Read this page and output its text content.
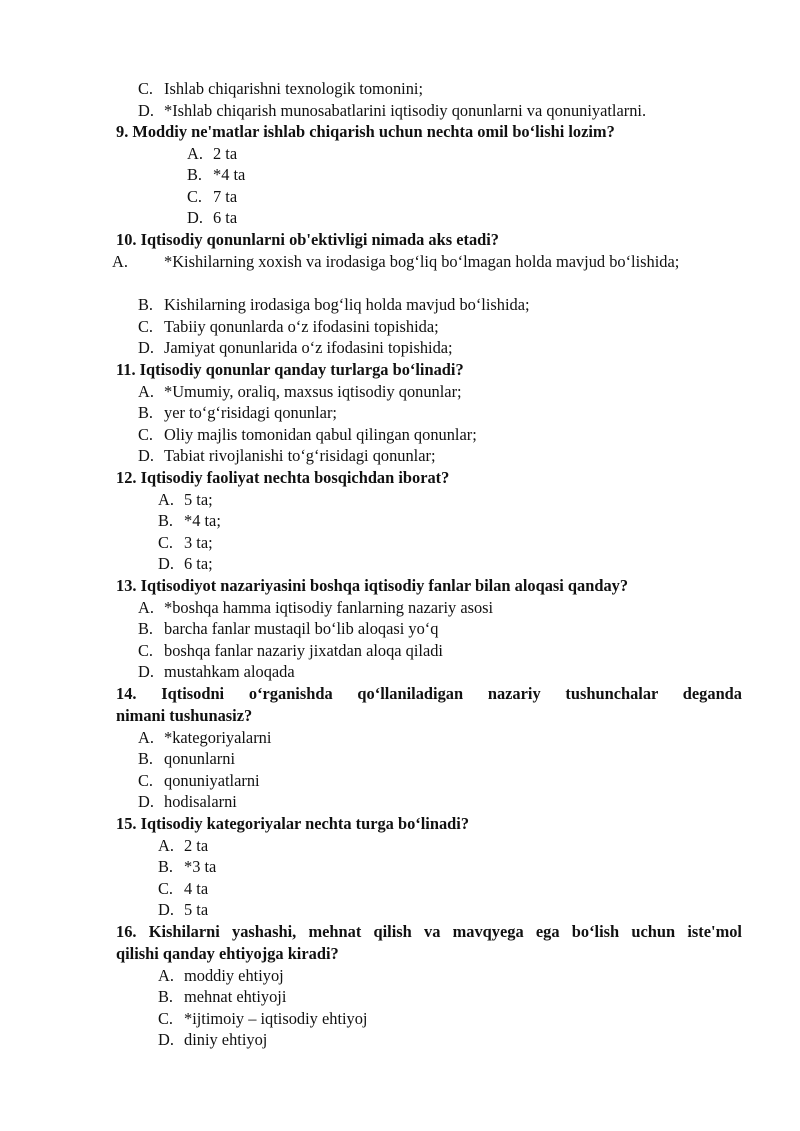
C. Ishlab chiqarishni texnologik tomonini;
D. *Ishlab chiqarish munosabatlarini iqtisodiy qonunlarni va qonuniyatlarni.
9. Moddiy ne'matlar ishlab chiqarish uchun nechta omil bo‘lishi lozim?
A. 2 ta
B. *4 ta
C. 7 ta
D. 6 ta
10. Iqtisodiy qonunlarni ob'ektivligi nimada aks etadi?
A. *Kishilarning xoxish va irodasiga bog‘liq bo‘lmagan holda mavjud bo‘lishida;
B. Kishilarning irodasiga bog‘liq holda mavjud bo‘lishida;
C. Tabiiy qonunlarda o‘z ifodasini topishida;
D. Jamiyat qonunlarida o‘z ifodasini topishida;
11. Iqtisodiy qonunlar qanday turlarga bo‘linadi?
A. *Umumiy, oraliq, maxsus iqtisodiy qonunlar;
B. yer to‘g‘risidagi qonunlar;
C. Oliy majlis tomonidan qabul qilingan qonunlar;
D. Tabiat rivojlanishi to‘g‘risidagi qonunlar;
12. Iqtisodiy faoliyat nechta bosqichdan iborat?
A. 5 ta;
B. *4 ta;
C. 3 ta;
D. 6 ta;
13. Iqtisodiyot nazariyasini boshqa iqtisodiy fanlar bilan aloqasi qanday?
A. *boshqa hamma iqtisodiy fanlarning nazariy asosi
B. barcha fanlar mustaqil bo‘lib aloqasi yo‘q
C. boshqa fanlar nazariy jixatdan aloqa qiladi
D. mustahkam aloqada
14. Iqtisodni o‘rganishda qo‘llaniladigan nazariy tushunchalar deganda
nimani tushunasiz?
A. *kategoriyalarni
B. qonunlarni
C. qonuniyatlarni
D. hodisalarni
15. Iqtisodiy kategoriyalar nechta turga bo‘linadi?
A. 2 ta
B. *3 ta
C. 4 ta
D. 5 ta
16. Kishilarni yashashi, mehnat qilish va mavqyega ega bo‘lish uchun iste'mol
qilishi qanday ehtiyojga kiradi?
A. moddiy ehtiyoj
B. mehnat ehtiyoji
C. *ijtimoiy – iqtisodiy ehtiyoj
D. diniy ehtiyoj
